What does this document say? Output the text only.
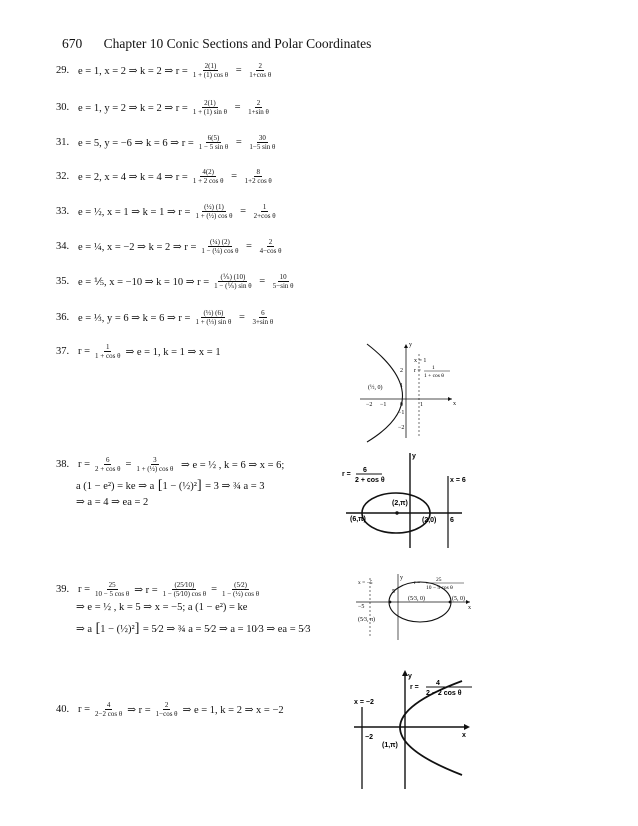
670 Chapter 10 Conic Sections and Polar Coordinates
29. e = 1, x = 2 ⇒ k = 2 ⇒ $r = \frac{2(1)}{\text{1 + (1) cos θ}} = \frac{2}{\text{1+cos θ}}$
30. e = 1, y = 2 ⇒ k = 2 ⇒ $r = \frac{2(1)}{\text{1 + (1) sin θ}} = \frac{2}{\text{1+sin θ}}$
31. e = 5, y = −6 ⇒ k = 6 ⇒ $r = \frac{6(5)}{\text{1 − 5 sin θ}} = \frac{30}{\text{1−5 sin θ}}$
32. e = 2, x = 4 ⇒ k = 4 ⇒ $r = \frac{4(2)}{\text{1 + 2 cos θ}} = \frac{8}{\text{1+2 cos θ}}$
33. e = ½, x = 1 ⇒ k = 1 ⇒ $r = \frac{\text{(½) (1)}}{\text{1 + (½) cos θ}} = \frac{1}{\text{2+cos θ}}$
34. e = ¼, x = −2 ⇒ k = 2 ⇒ $r = \frac{\text{(¼) (2)}}{\text{1 − (¼) cos θ}} = \frac{2}{\text{4−cos θ}}$
35. e = ⅕, x = −10 ⇒ k = 10 ⇒ $r = \frac{\text{(⅕) (10)}}{\text{1 − (⅕) sin θ}} = \frac{10}{\text{5−sin θ}}$
36. e = ⅓, y = 6 ⇒ k = 6 ⇒ $r = \frac{\text{(⅓) (6)}}{\text{1 + (⅓) sin θ}} = \frac{6}{\text{3+sin θ}}$
37. $r = \frac{1}{\text{1 + cos θ}}$ ⇒ e = 1, k = 1 ⇒ x = 1
y
x
2
1
−1
−2
−2 −1 0	1
(½, 0)
x = 1
r = 1
1 + cos θ
38. $r = \frac{6}{\text{2 + cos θ}} = \frac{3}{\text{1 + (½) cos θ}}$
⇒ e = ½ , k = 6 ⇒ x = 6;
a (1 − e²) = ke ⇒ a [ 1 − (½)² ] = 3 ⇒ ¾ a = 3
⇒ a = 4 ⇒ ea = 2
y
r =
6
2 + cos θ	x = 6
(2,π)
(6,π)	(2,0) 6
39. $r = \frac{25}{\text{10 − 5 cos θ}}$ ⇒ $r = \frac{(25⁄10)}{\text{1 − (5⁄10) cos θ}} = \frac{(5⁄2)}{\text{1 − (½) cos θ}}$
⇒ e = ½ , k = 5 ⇒ x = −5; a (1 − e²) = ke
⇒ a [ 1 − (½)² ] = 5⁄2 ⇒ ¾ a = 5⁄2 ⇒ a = 10⁄3 ⇒ ea = 5⁄3
y
x
x = −5	r =	25
10 − 5 cos θ
5
−5
(5⁄3, 0)
(5⁄3, π)
(5, 0)
40. $r = \frac{4}{\text{2−2 cos θ}}$ ⇒ $r = \frac{2}{\text{1−cos θ}}$ ⇒ e = 1, k = 2 ⇒ x = −2
y
x
x = −2
r =
4
2 − 2 cos θ
−2
(1,π)
